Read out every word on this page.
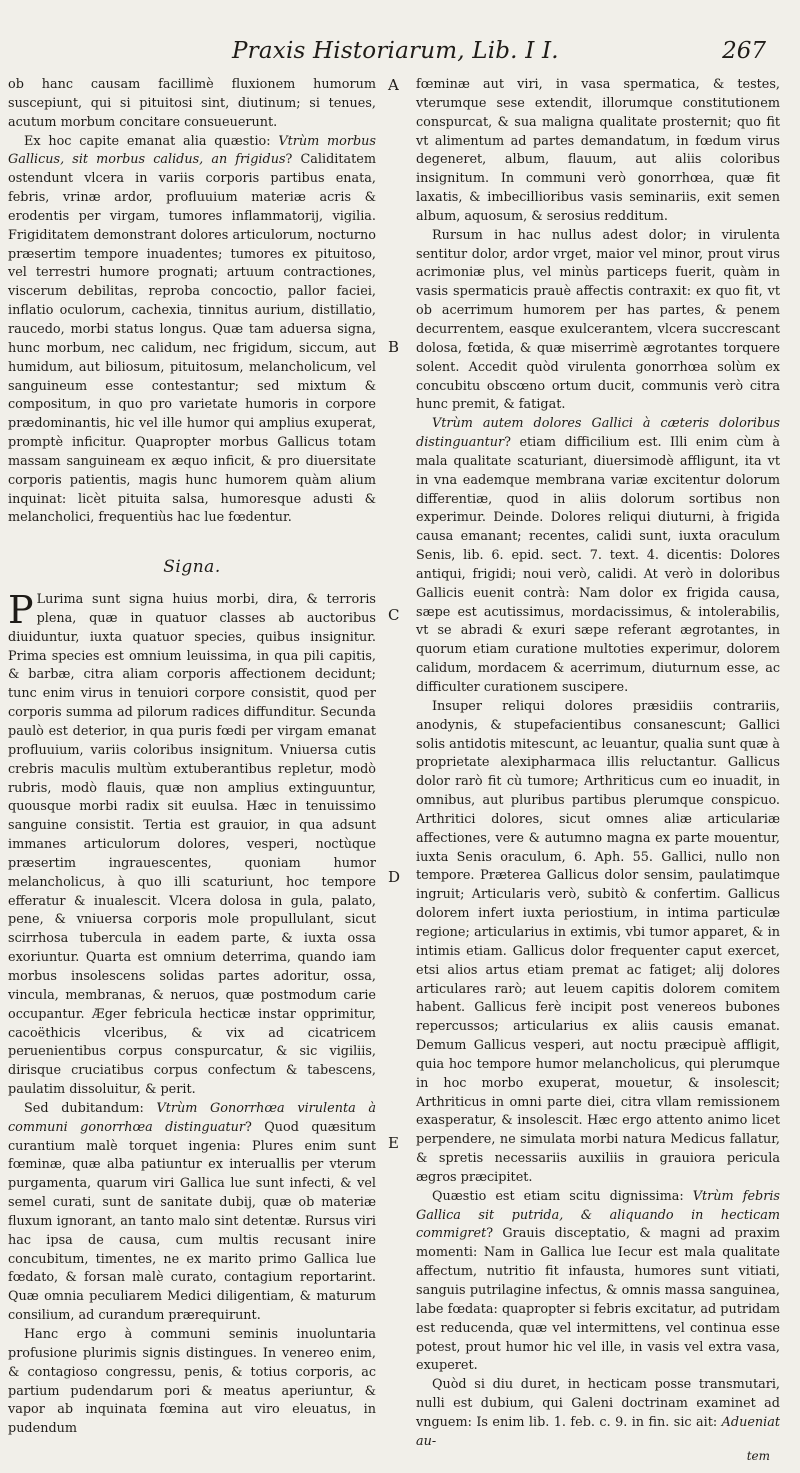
Praxis Historiarum, Lib. I I.	267

ob hanc causam facillimè fluxionem humorum suscepiunt, qui si pituitosi sint, diutinum; si tenues, acutum morbum concitare consueuerunt.

Ex hoc capite emanat alia quæstio: Vtrùm morbus Gallicus, sit morbus calidus, an frigidus? Caliditatem ostendunt vlcera in variis corporis partibus enata, febris, vrinæ ardor, profluuium materiæ acris & erodentis per virgam, tumores inflammatorij, vigilia. Frigiditatem demonstrant dolores articulorum, nocturno præsertim tempore inuadentes; tumores ex pituitoso, vel terrestri humore prognati; artuum contractiones, viscerum debilitas, reproba concoctio, pallor faciei, inflatio oculorum, cachexia, tinnitus aurium, distillatio, raucedo, morbi status longus. Quæ tam aduersa signa, hunc morbum, nec calidum, nec frigidum, siccum, aut humidum, aut biliosum, pituitosum, melancholicum, vel sanguineum esse contestantur; sed mixtum & compositum, in quo pro varietate humoris in corpore prædominantis, hic vel ille humor qui amplius exuperat, promptè inficitur. Quapropter morbus Gallicus totam massam sanguineam ex æquo inficit, & pro diuersitate corporis patientis, magis hunc humorem quàm alium inquinat: licèt pituita salsa, humoresque adusti & melancholici, frequentiùs hac lue fœdentur.

Signa.

P Lurima sunt signa huius morbi, dira, & terroris plena, quæ in quatuor classes ab auctoribus diuiduntur, iuxta quatuor species, quibus insignitur. Prima species est omnium leuissima, in qua pili capitis, & barbæ, citra aliam corporis affectionem decidunt; tunc enim virus in tenuiori corpore consistit, quod per corporis summa ad pilorum radices diffunditur. Secunda paulò est deterior, in qua puris fœdi per virgam emanat profluuium, variis coloribus insignitum. Vniuersa cutis crebris maculis multùm extuberantibus repletur, modò rubris, modò flauis, quæ non amplius extinguuntur, quousque morbi radix sit euulsa. Hæc in tenuissimo sanguine consistit. Tertia est grauior, in qua adsunt immanes articulorum dolores, vesperi, noctùque præsertim ingrauescentes, quoniam humor melancholicus, à quo illi scaturiunt, hoc tempore efferatur & inualescit. Vlcera dolosa in gula, palato, pene, & vniuersa corporis mole propullulant, sicut scirrhosa tubercula in eadem parte, & iuxta ossa exoriuntur. Quarta est omnium deterrima, quando iam morbus insolescens solidas partes adoritur, ossa, vincula, membranas, & neruos, quæ postmodum carie occupantur. Æger febricula hecticæ instar opprimitur, cacoëthicis vlceribus, & vix ad cicatricem peruenientibus corpus conspurcatur, & sic vigiliis, dirisque cruciatibus corpus confectum & tabescens, paulatim dissoluitur, & perit.

Sed dubitandum: Vtrùm Gonorrhœa virulenta à communi gonorrhœa distinguatur? Quod quæsitum curantium malè torquet ingenia: Plures enim sunt fœminæ, quæ alba patiuntur ex interuallis per vterum purgamenta, quarum viri Gallica lue sunt infecti, & vel semel curati, sunt de sanitate dubij, quæ ob materiæ fluxum ignorant, an tanto malo sint detentæ. Rursus viri hac ipsa de causa, cum multis recusant inire concubitum, timentes, ne ex marito primo Gallica lue fœdato, & forsan malè curato, contagium reportarint. Quæ omnia peculiarem Medici diligentiam, & maturum consilium, ad curandum prærequirunt.

Hanc ergo à communi seminis inuoluntaria profusione plurimis signis distingues. In venereo enim, & contagioso congressu, penis, & totius corporis, ac partium pudendarum pori & meatus aperiuntur, & vapor ab inquinata fœmina aut viro eleuatus, in pudendum

A
B
C
D
E

fœminæ aut viri, in vasa spermatica, & testes, vterumque sese extendit, illorumque constitutionem conspurcat, & sua maligna qualitate prosternit; quo fit vt alimentum ad partes demandatum, in fœdum virus degeneret, album, flauum, aut aliis coloribus insignitum. In communi verò gonorrhœa, quæ fit laxatis, & imbecillioribus vasis seminariis, exit semen album, aquosum, & serosius redditum.

Rursum in hac nullus adest dolor; in virulenta sentitur dolor, ardor vrget, maior vel minor, prout virus acrimoniæ plus, vel minùs particeps fuerit, quàm in vasis spermaticis prauè affectis contraxit: ex quo fit, vt ob acerrimum humorem per has partes, & penem decurrentem, easque exulcerantem, vlcera succrescant dolosa, fœtida, & quæ miserrimè ægrotantes torquere solent. Accedit quòd virulenta gonorrhœa solùm ex concubitu obscœno ortum ducit, communis verò citra hunc premit, & fatigat.

Vtrùm autem dolores Gallici à cæteris doloribus distinguantur? etiam difficilium est. Illi enim cùm à mala qualitate scaturiant, diuersimodè affligunt, ita vt in vna eademque membrana variæ excitentur dolorum differentiæ, quod in aliis dolorum sortibus non experimur. Deinde. Dolores reliqui diuturni, à frigida causa emanant; recentes, calidi sunt, iuxta oraculum Senis, lib. 6. epid. sect. 7. text. 4. dicentis: Dolores antiqui, frigidi; noui verò, calidi. At verò in doloribus Gallicis euenit contrà: Nam dolor ex frigida causa, sæpe est acutissimus, mordacissimus, & intolerabilis, vt se abradi & exuri sæpe referant ægrotantes, in quorum etiam curatione multoties experimur, dolorem calidum, mordacem & acerrimum, diuturnum esse, ac difficulter curationem suscipere.

Insuper reliqui dolores præsidiis contrariis, anodynis, & stupefacientibus consanescunt; Gallici solis antidotis mitescunt, ac leuantur, qualia sunt quæ à proprietate alexipharmaca illis reluctantur. Gallicus dolor rarò fit cù tumore; Arthriticus cum eo inuadit, in omnibus, aut pluribus partibus plerumque conspicuo. Arthritici dolores, sicut omnes aliæ articulariæ affectiones, vere & autumno magna ex parte mouentur, iuxta Senis oraculum, 6. Aph. 55. Gallici, nullo non tempore. Præterea Gallicus dolor sensim, paulatimque ingruit; Articularis verò, subitò & confertim. Gallicus dolorem infert iuxta periostium, in intima particulæ regione; articularius in extimis, vbi tumor apparet, & in intimis etiam. Gallicus dolor frequenter caput exercet, etsi alios artus etiam premat ac fatiget; alij dolores articulares rarò; aut leuem capitis dolorem comitem habent. Gallicus ferè incipit post venereos bubones repercussos; articularius ex aliis causis emanat. Demum Gallicus vesperi, aut noctu præcipuè affligit, quia hoc tempore humor melancholicus, qui plerumque in hoc morbo exuperat, mouetur, & insolescit; Arthriticus in omni parte diei, citra vllam remissionem exasperatur, & insolescit. Hæc ergo attento animo licet perpendere, ne simulata morbi natura Medicus fallatur, & spretis necessariis auxiliis in grauiora pericula ægros præcipitet.

Quæstio est etiam scitu dignissima: Vtrùm febris Gallica sit putrida, & aliquando in hecticam commigret? Grauis disceptatio, & magni ad praxim momenti: Nam in Gallica lue Iecur est mala qualitate affectum, nutritio fit infausta, humores sunt vitiati, sanguis putrilagine infectus, & omnis massa sanguinea, labe fœdata: quapropter si febris excitatur, ad putridam est reducenda, quæ vel intermittens, vel continua esse potest, prout humor hic vel ille, in vasis vel extra vasa, exuperet.

Quòd si diu duret, in hecticam posse transmutari, nulli est dubium, qui Galeni doctrinam examinet ad vnguem: Is enim lib. 1. feb. c. 9. in fin. sic ait: Adueniat au-

tem
